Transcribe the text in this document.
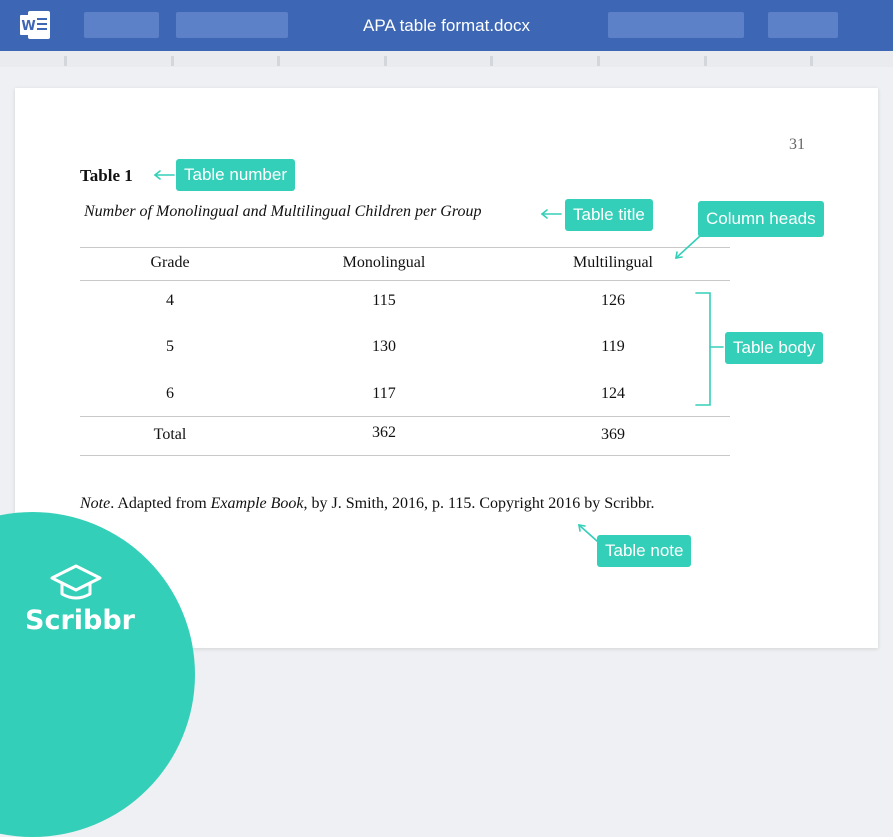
W	APA table format.docx
31
Table 1
Number of Monolingual and Multilingual Children per Group
Grade	Monolingual	Multilingual
4	115	126
5	130	119
6	117	124
Total	362	369
Note. Adapted from Example Book, by J. Smith, 2016, p. 115. Copyright 2016 by Scribbr.
Table number
Table title	Column heads
Table body
Table note
Scribbr
